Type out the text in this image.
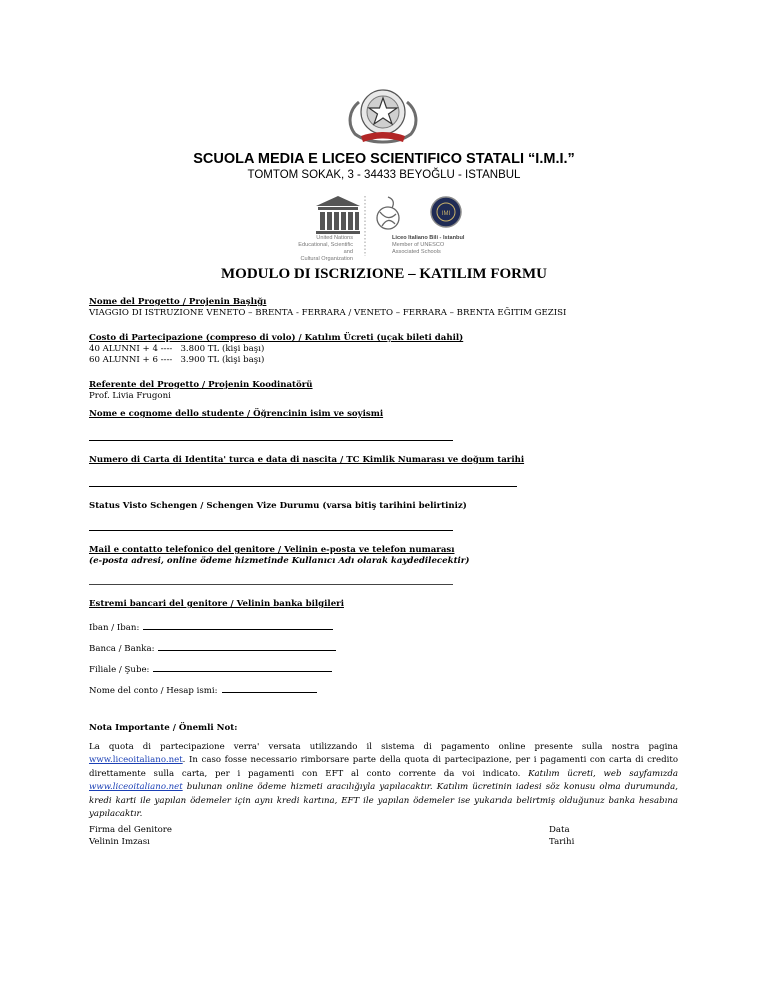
SCUOLA MEDIA E LICEO SCIENTIFICO STATALI “I.M.I.”
TOMTOM SOKAK, 3 - 34433 BEYOĞLU - ISTANBUL
IMI
United Nations
Educational, Scientific and
Cultural Organization
Liceo Italiano Bili - Istanbul
Member of UNESCO
Associated Schools
MODULO DI ISCRIZIONE – KATILIM FORMU
Nome del Progetto / Projenin Başlığı
VIAGGIO DI ISTRUZIONE VENETO – BRENTA - FERRARA / VENETO – FERRARA – BRENTA EĞITIM GEZISI
Costo di Partecipazione (compreso di volo) / Katılım Ücreti (uçak bileti dahil)
40 ALUNNI + 4 ----   3.800 TL (kişi başı)
60 ALUNNI + 6 ----   3.900 TL (kişi başı)
Referente del Progetto / Projenin Koodinatörü
Prof. Livia Frugoni
Nome e cognome dello studente / Öğrencinin isim ve soyismi
Numero di Carta di Identita' turca e data di nascita / TC Kimlik Numarası ve doğum tarihi
Status Visto Schengen / Schengen Vize Durumu (varsa bitiş tarihini belirtiniz)
Mail e contatto telefonico del genitore / Velinin e-posta ve telefon numarası
(e-posta adresi, online ödeme hizmetinde Kullanıcı Adı olarak kaydedilecektir)
Estremi bancari del genitore / Velinin banka bilgileri
Iban / Iban:
Banca / Banka:
Filiale / Şube:
Nome del conto / Hesap ismi:
Nota Importante / Önemli Not:
La quota di partecipazione verra' versata utilizzando il sistema di pagamento online presente sulla nostra pagina www.liceoitaliano.net. In caso fosse necessario rimborsare parte della quota di partecipazione, per i pagamenti con carta di credito direttamente sulla carta, per i pagamenti con EFT al conto corrente da voi indicato. Katılım ücreti, web sayfamızda www.liceoitaliano.net bulunan online ödeme hizmeti aracılığıyla yapılacaktır. Katılım ücretinin iadesi söz konusu olma durumunda, kredi karti ile yapılan ödemeler için aynı kredi kartına, EFT ile yapılan ödemeler ise yukarıda belirtmiş olduğunuz banka hesabına yapılacaktır.
Firma del Genitore
Velinin Imzası
Data
Tarihi
